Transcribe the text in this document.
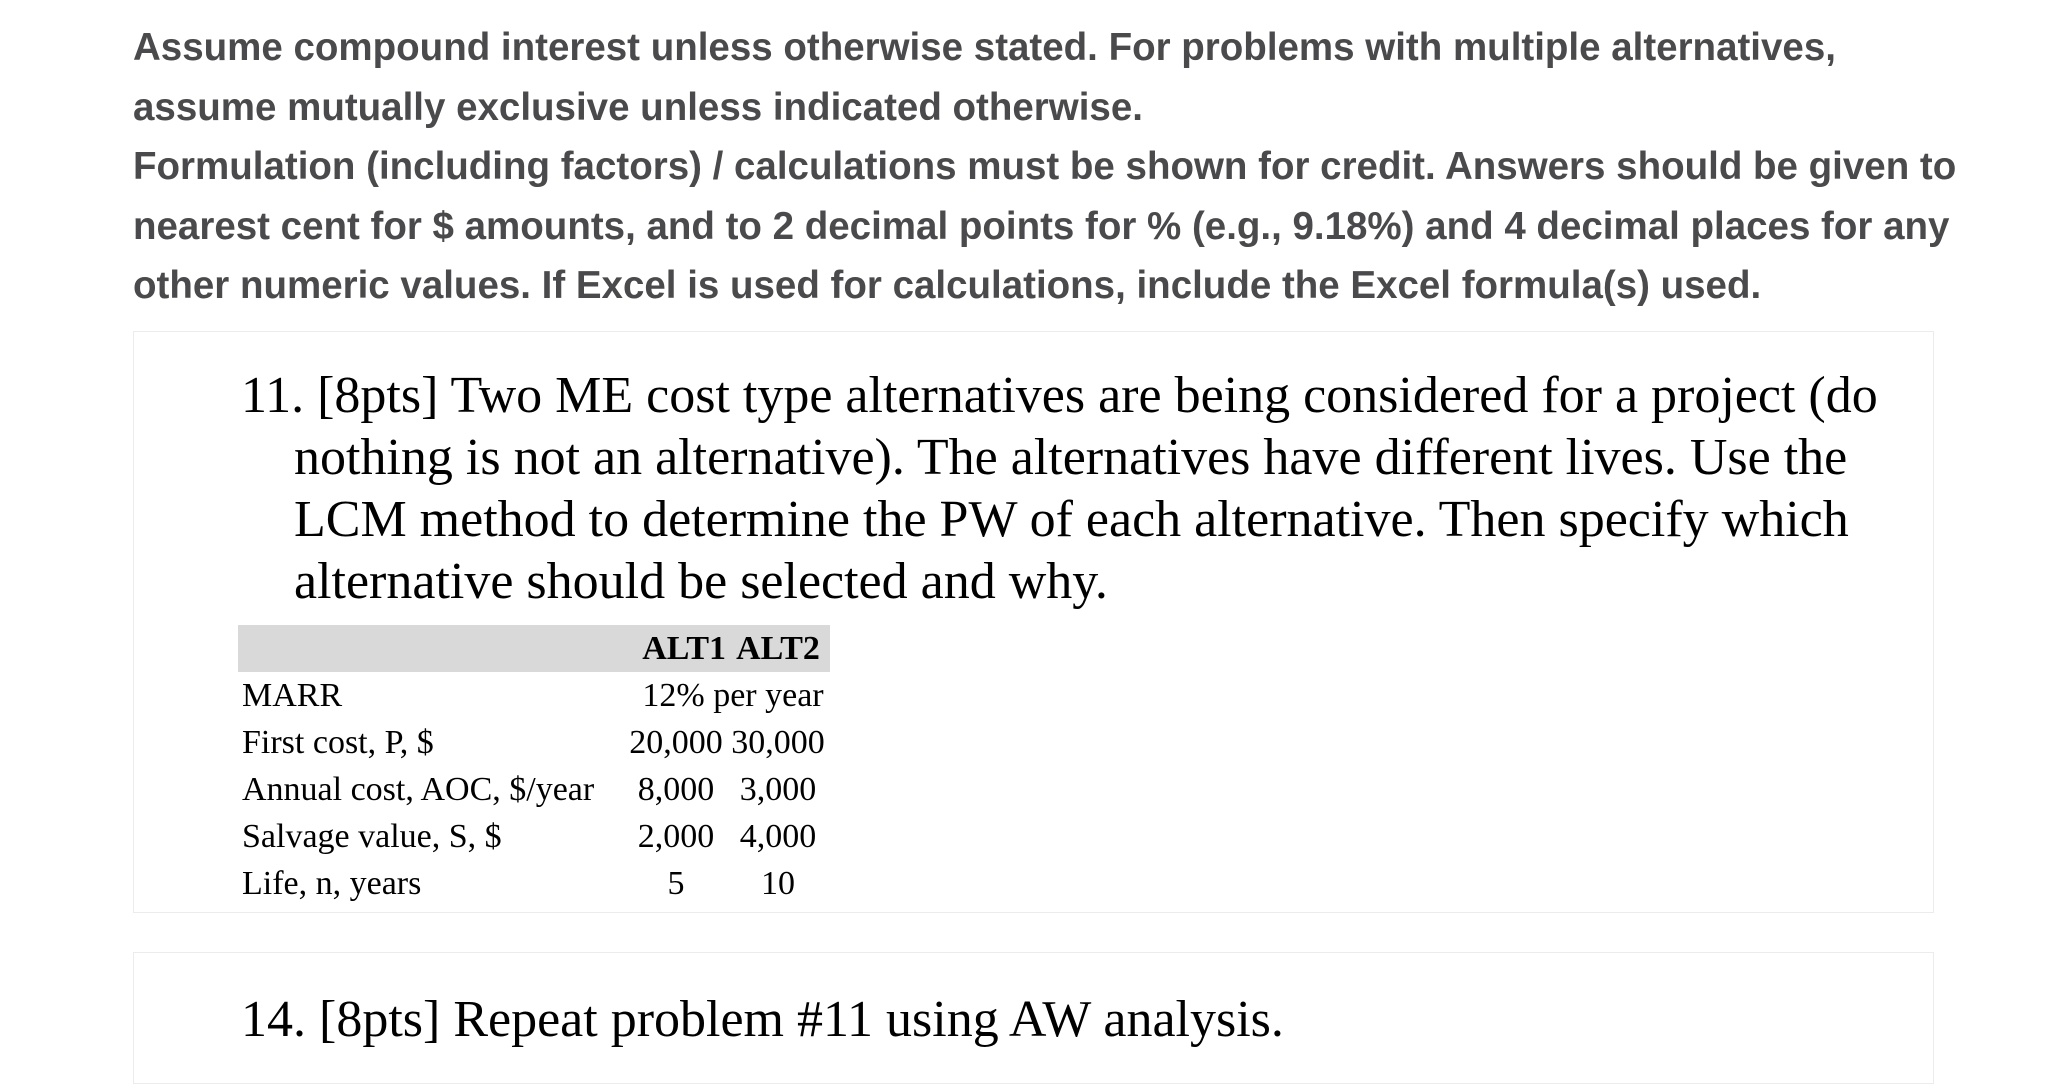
Assume compound interest unless otherwise stated. For problems with multiple alternatives, assume mutually exclusive unless indicated otherwise.

Formulation (including factors) / calculations must be shown for credit. Answers should be given to nearest cent for $ amounts, and to 2 decimal points for % (e.g., 9.18%) and 4 decimal places for any other numeric values. If Excel is used for calculations, include the Excel formula(s) used.

11. [8pts] Two ME cost type alternatives are being considered for a project (do nothing is not an alternative). The alternatives have different lives. Use the LCM method to determine the PW of each alternative. Then specify which alternative should be selected and why.

	ALT1	ALT2
MARR	12% per year	
First cost, P, $	20,000	30,000
Annual cost, AOC, $/year	8,000	3,000
Salvage value, S, $	2,000	4,000
Life, n, years	5	10

14. [8pts] Repeat problem #11 using AW analysis.
